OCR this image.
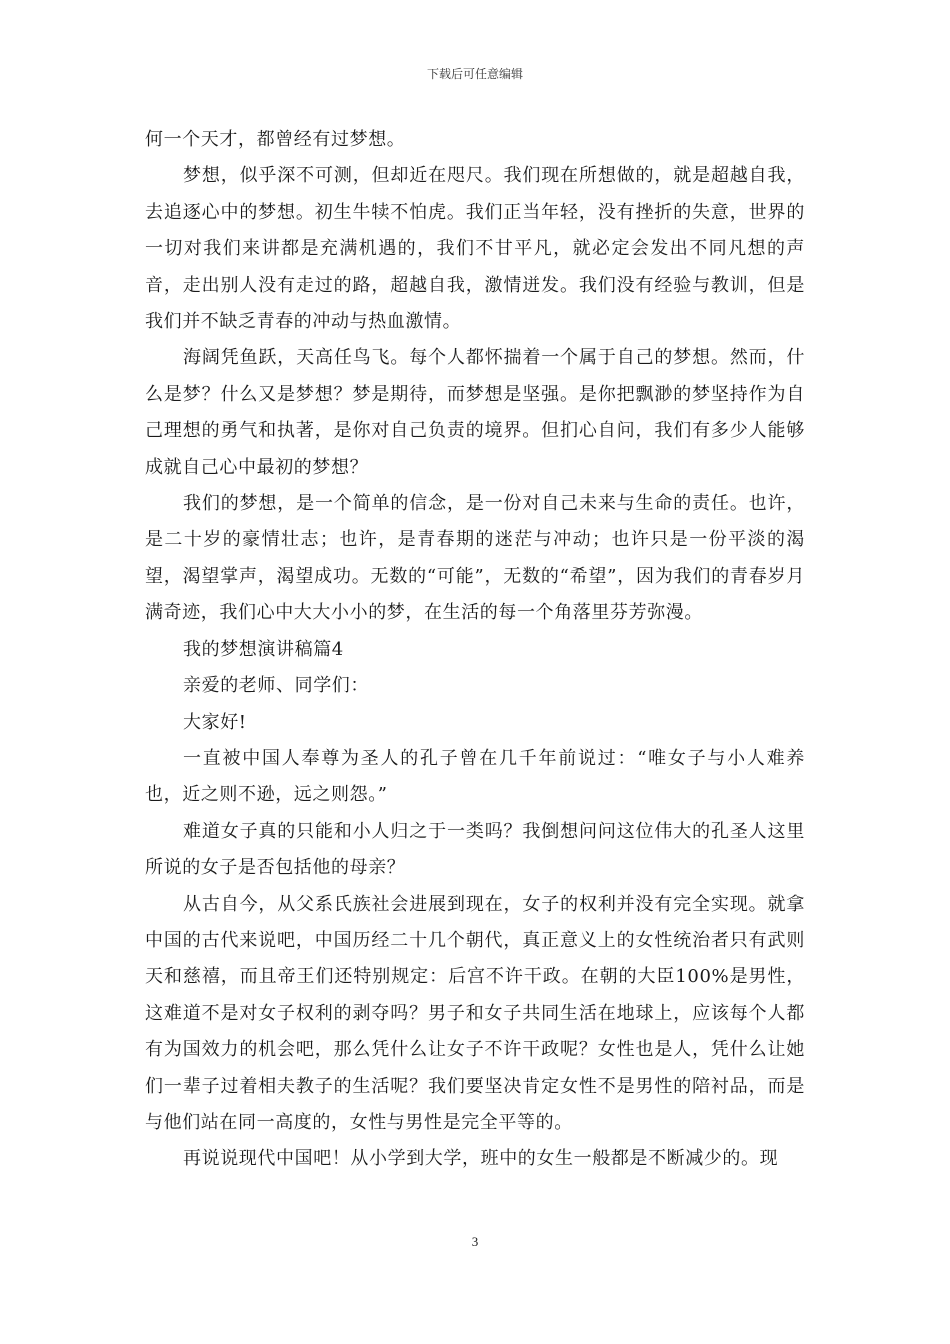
下载后可任意编辑

何一个天才，都曾经有过梦想。

梦想，似乎深不可测，但却近在咫尺。我们现在所想做的，就是超越自我，去追逐心中的梦想。初生牛犊不怕虎。我们正当年轻，没有挫折的失意，世界的一切对我们来讲都是充满机遇的，我们不甘平凡，就必定会发出不同凡想的声音，走出别人没有走过的路，超越自我，激情迸发。我们没有经验与教训，但是我们并不缺乏青春的冲动与热血激情。

海阔凭鱼跃，天高任鸟飞。每个人都怀揣着一个属于自己的梦想。然而，什么是梦？什么又是梦想？梦是期待，而梦想是坚强。是你把飘渺的梦坚持作为自己理想的勇气和执著，是你对自己负责的境界。但扪心自问，我们有多少人能够成就自己心中最初的梦想？

我们的梦想，是一个简单的信念，是一份对自己未来与生命的责任。也许，是二十岁的豪情壮志；也许，是青春期的迷茫与冲动；也许只是一份平淡的渴望，渴望掌声，渴望成功。无数的“可能”，无数的“希望”，因为我们的青春岁月满奇迹，我们心中大大小小的梦，在生活的每一个角落里芬芳弥漫。

我的梦想演讲稿篇4

亲爱的老师、同学们：

大家好!

一直被中国人奉尊为圣人的孔子曾在几千年前说过：“唯女子与小人难养也，近之则不逊，远之则怨。”

难道女子真的只能和小人归之于一类吗？我倒想问问这位伟大的孔圣人这里所说的女子是否包括他的母亲？

从古自今，从父系氏族社会进展到现在，女子的权利并没有完全实现。就拿中国的古代来说吧，中国历经二十几个朝代，真正意义上的女性统治者只有武则天和慈禧，而且帝王们还特别规定：后宫不许干政。在朝的大臣100%是男性，这难道不是对女子权利的剥夺吗？男子和女子共同生活在地球上，应该每个人都有为国效力的机会吧，那么凭什么让女子不许干政呢？女性也是人，凭什么让她们一辈子过着相夫教子的生活呢？我们要坚决肯定女性不是男性的陪衬品，而是与他们站在同一高度的，女性与男性是完全平等的。

再说说现代中国吧！从小学到大学，班中的女生一般都是不断减少的。现

3
